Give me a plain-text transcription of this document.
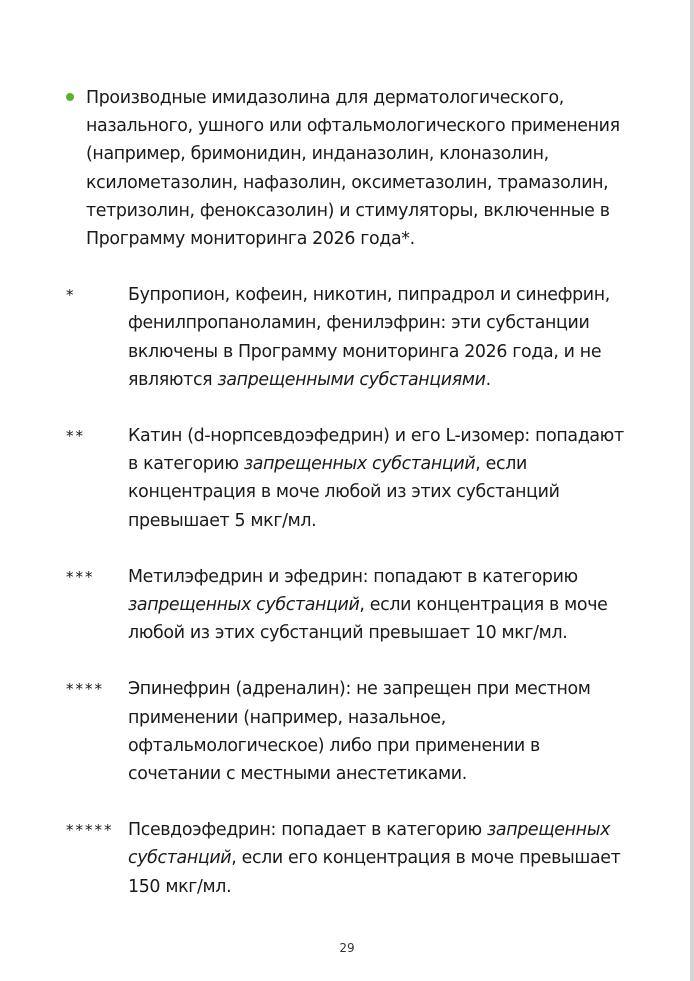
Производные имидазолина для дерматологического, назального, ушного или офтальмологического применения (например, бримонидин, инданазолин, клоназолин, ксилометазолин, нафазолин, оксиметазолин, трамазолин, тетризолин, феноксазолин) и стимуляторы, включенные в Программу мониторинга 2026 года*.
*	Бупропион, кофеин, никотин, пипрадрол и синефрин, фенилпропаноламин, фенилэфрин: эти субстанции включены в Программу мониторинга 2026 года, и не являются запрещенными субстанциями.
** Катин (d-норпсевдоэфедрин) и его L-изомер: попадают в категорию запрещенных субстанций, если концентрация в моче любой из этих субстанций превышает 5 мкг/мл.
*** Метилэфедрин и эфедрин: попадают в категорию запрещенных субстанций, если концентрация в моче любой из этих субстанций превышает 10 мкг/мл.
**** Эпинефрин (адреналин): не запрещен при местном применении (например, назальное, офтальмологическое) либо при применении в сочетании с местными анестетиками.
***** Псевдоэфедрин: попадает в категорию запрещенных субстанций, если его концентрация в моче превышает 150 мкг/мл.
29
